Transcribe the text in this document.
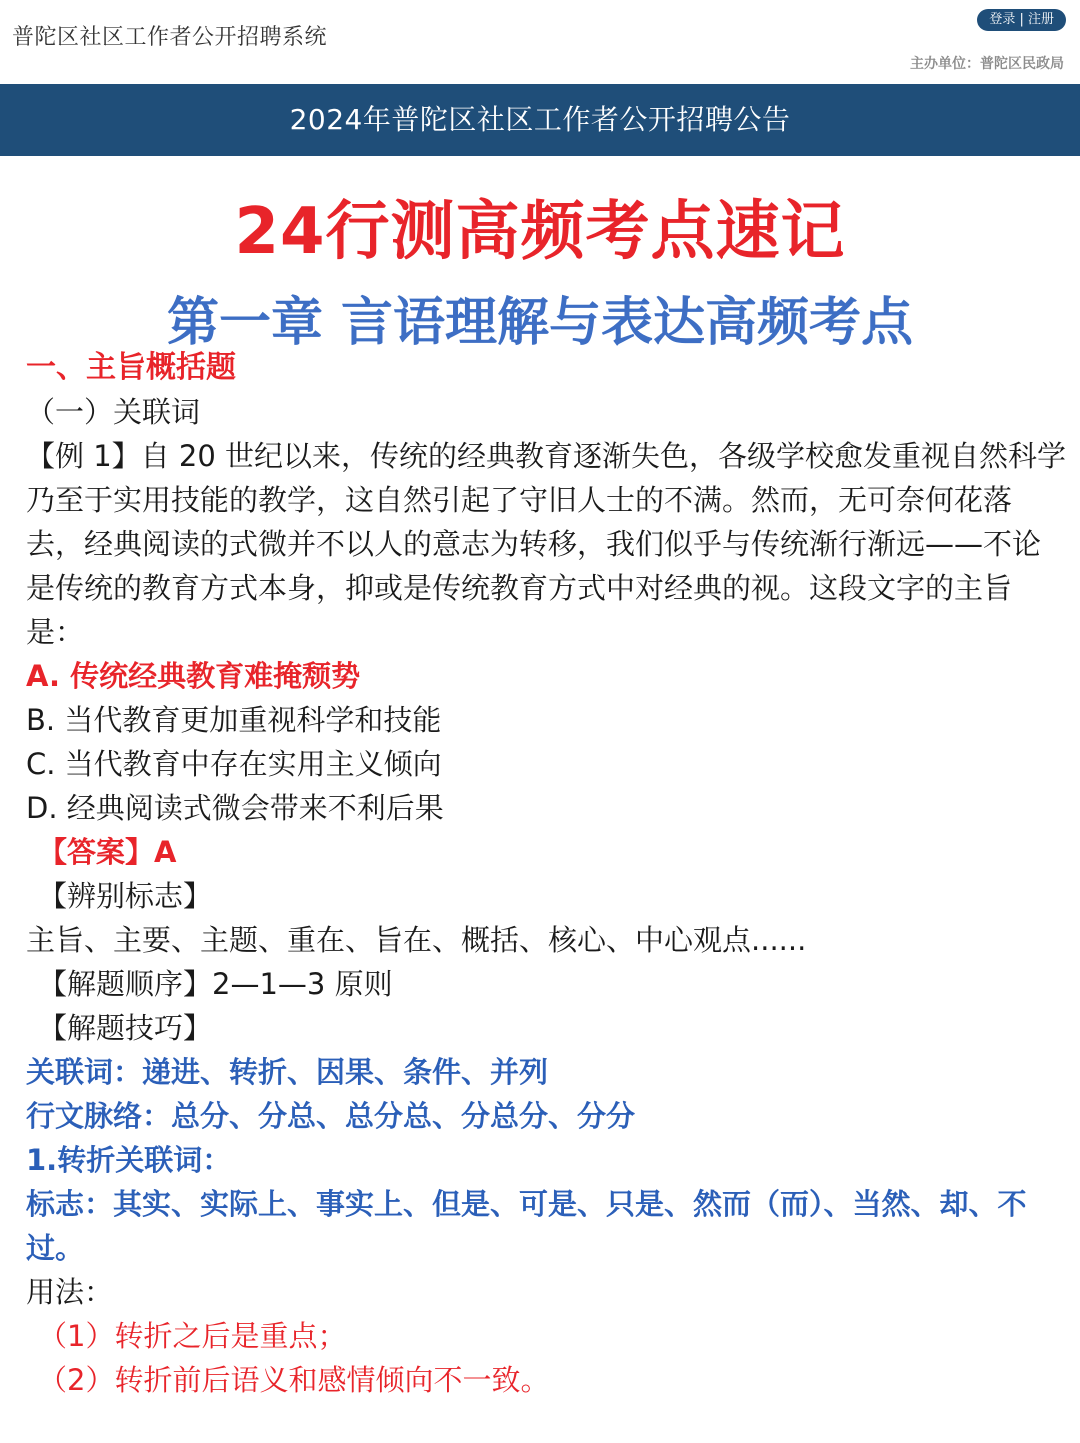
普陀区社区工作者公开招聘系统
登录 | 注册
主办单位：普陀区民政局
2024年普陀区社区工作者公开招聘公告
24行测高频考点速记
第一章 言语理解与表达高频考点

一、主旨概括题

（一）关联词

【例 1】自 20 世纪以来，传统的经典教育逐渐失色，各级学校愈发重视自然科学乃至于实用技能的教学，这自然引起了守旧人士的不满。然而，无可奈何花落去，经典阅读的式微并不以人的意志为转移，我们似乎与传统渐行渐远——不论是传统的教育方式本身，抑或是传统教育方式中对经典的视。这段文字的主旨是：

A. 传统经典教育难掩颓势

B. 当代教育更加重视科学和技能

C. 当代教育中存在实用主义倾向

D. 经典阅读式微会带来不利后果

【答案】A

【辨别标志】

主旨、主要、主题、重在、旨在、概括、核心、中心观点......

【解题顺序】2—1—3 原则

【解题技巧】

关联词：递进、转折、因果、条件、并列

行文脉络：总分、分总、总分总、分总分、分分

1.转折关联词：

标志：其实、实际上、事实上、但是、可是、只是、然而（而）、当然、却、不过。

用法：

（1）转折之后是重点；

（2）转折前后语义和感情倾向不一致。
